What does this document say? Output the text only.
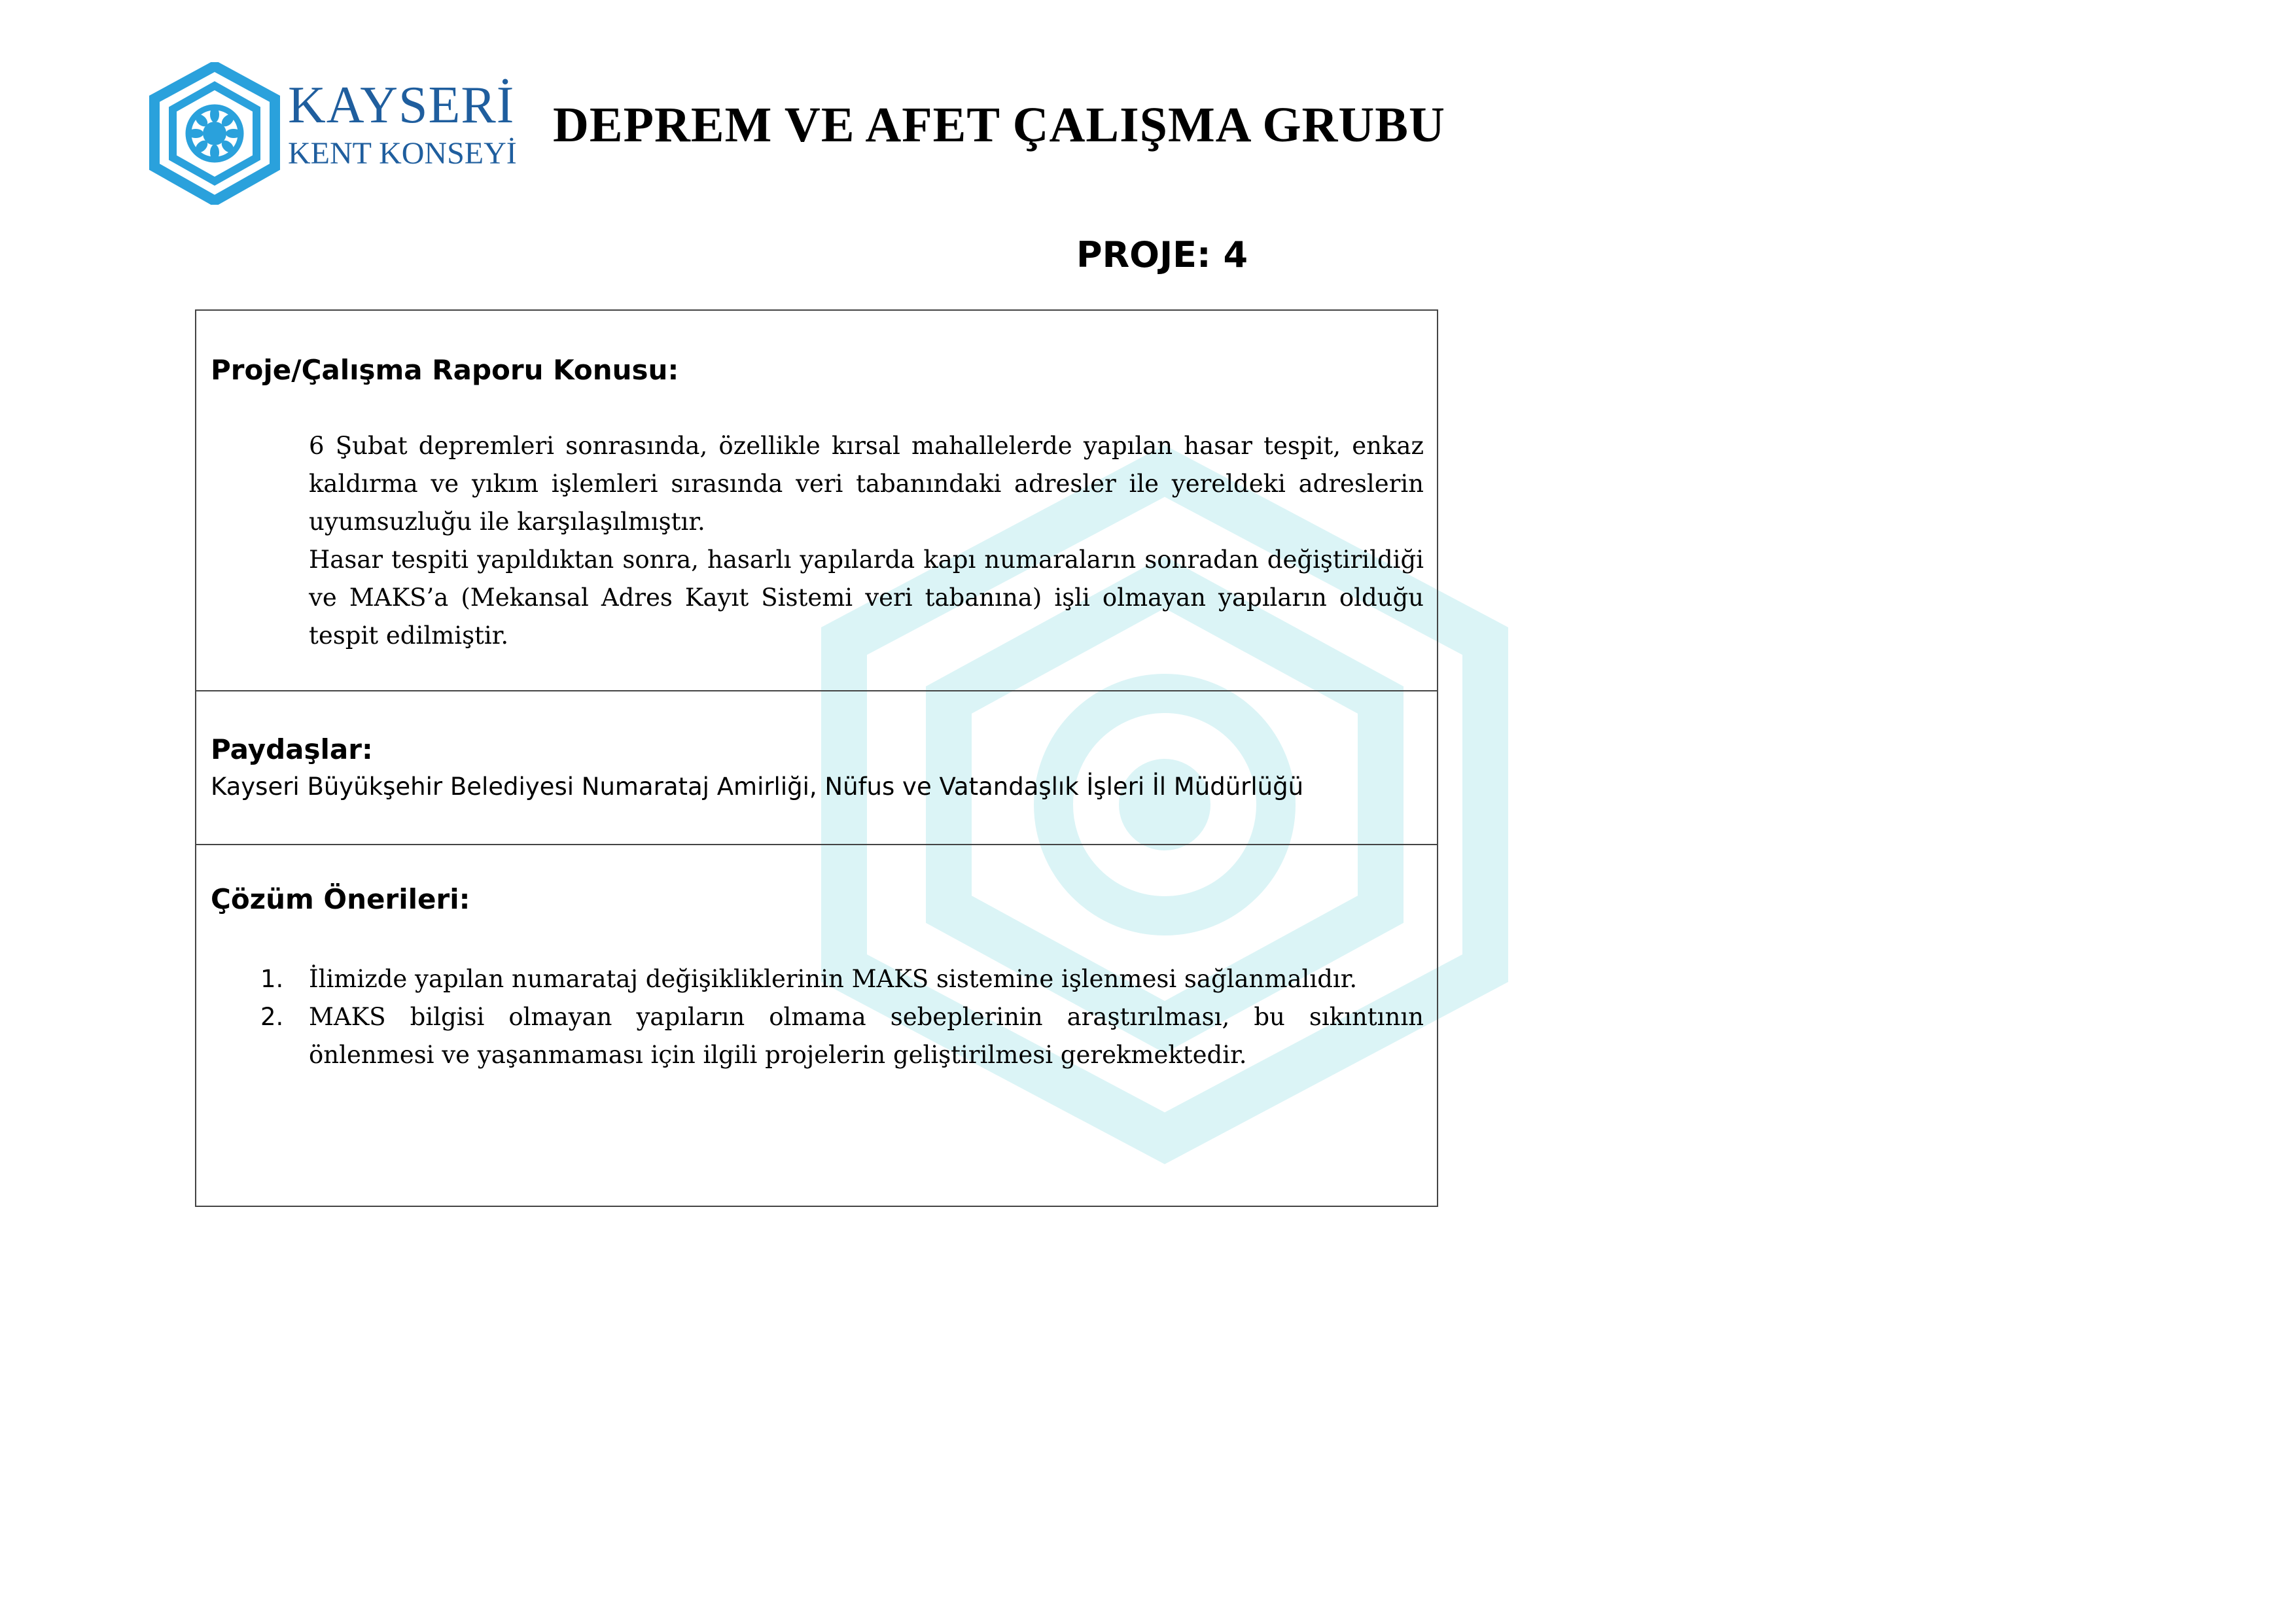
KAYSERİ
KENT KONSEYİ
DEPREM VE AFET ÇALIŞMA GRUBU
PROJE: 4

Proje/Çalışma Raporu Konusu:

6 Şubat depremleri sonrasında, özellikle kırsal mahallelerde yapılan hasar tespit, enkaz kaldırma ve yıkım işlemleri sırasında veri tabanındaki adresler ile yereldeki adreslerin uyumsuzluğu ile karşılaşılmıştır.

Hasar tespiti yapıldıktan sonra, hasarlı yapılarda kapı numaraların sonradan değiştirildiği ve MAKS’a (Mekansal Adres Kayıt Sistemi veri tabanına) işli olmayan yapıların olduğu tespit edilmiştir.

Paydaşlar:

Kayseri Büyükşehir Belediyesi Numarataj Amirliği, Nüfus ve Vatandaşlık İşleri İl Müdürlüğü

Çözüm Önerileri:

1. İlimizde yapılan numarataj değişikliklerinin MAKS sistemine işlenmesi sağlanmalıdır.
2. MAKS bilgisi olmayan yapıların olmama sebeplerinin araştırılması, bu sıkıntının önlenmesi ve yaşanmaması için ilgili projelerin geliştirilmesi gerekmektedir.
